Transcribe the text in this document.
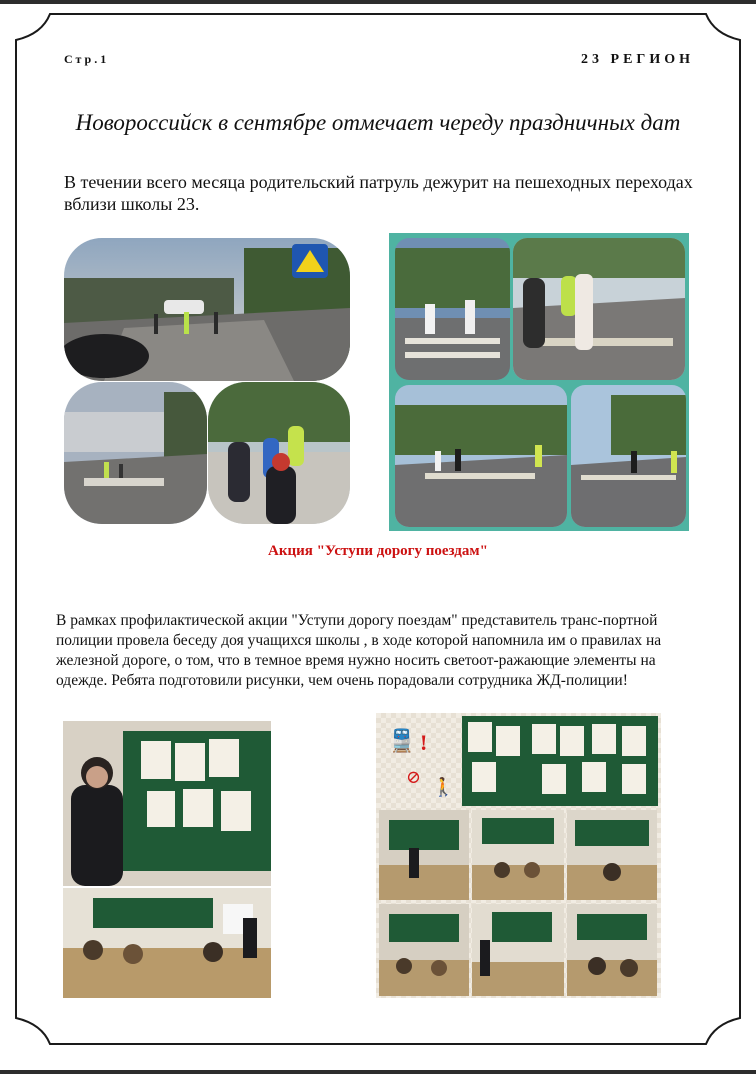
Стр.1	23 РЕГИОН
Новороссийск в сентябре отмечает череду праздничных дат
В течении всего месяца родительский патруль дежурит на пешеходных переходах вблизи школы 23.
Акция "Уступи дорогу поездам"
В рамках профилактической акции "Уступи дорогу поездам" представитель транс-портной полиции провела беседу доя учащихся школы , в ходе которой напомнила им о правилах на железной дороге, о том, что в темное время нужно носить светоот-ражающие элементы на одежде. Ребята подготовили рисунки, чем очень порадовали сотрудника ЖД-полиции!
🚆 !
⊘ 🚶
